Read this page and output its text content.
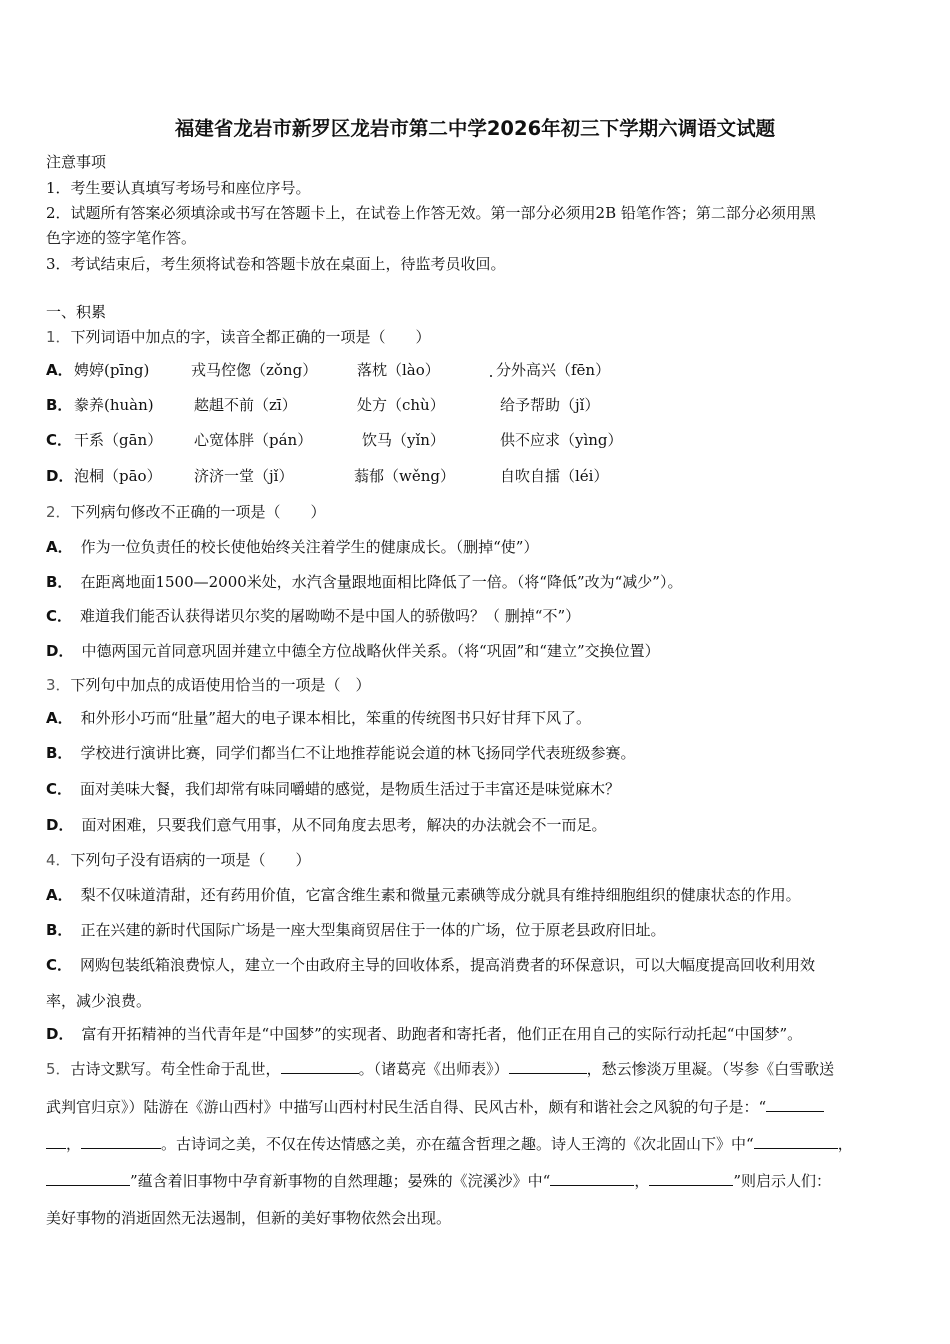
福建省龙岩市新罗区龙岩市第二中学2026年初三下学期六调语文试题
注意事项
1．考生要认真填写考场号和座位序号。
2．试题所有答案必须填涂或书写在答题卡上，在试卷上作答无效。第一部分必须用2B 铅笔作答；第二部分必须用黑
色字迹的签字笔作答。
3．考试结束后，考生须将试卷和答题卡放在桌面上，待监考员收回。
一、积累
1．下列词语中加点的字，读音全都正确的一项是（　　）
A． 娉婷(pīng)	戎马倥偬（zǒng）	落枕（lào）	分外高兴（fēn）
B． 豢养(huàn)	趑趄不前（zī）	处方（chù）	给予帮助（jǐ）
C． 干系（gān） 心宽体胖（pán）	饮马（yǐn）	供不应求（yìng）
D． 泡桐（pāo） 济济一堂（jǐ）	蓊郁（wěng）	自吹自擂（léi）
2．下列病句修改不正确的一项是（　　）
A． 作为一位负责任的校长使他始终关注着学生的健康成长。（删掉“使”）
B． 在距离地面1500—2000米处，水汽含量跟地面相比降低了一倍。（将“降低”改为“减少”）。
C． 难道我们能否认获得诺贝尔奖的屠呦呦不是中国人的骄傲吗？（ 删掉“不”）
D． 中德两国元首同意巩固并建立中德全方位战略伙伴关系。（将“巩固”和“建立”交换位置）
3．下列句中加点的成语使用恰当的一项是（　）
A． 和外形小巧而“肚量”超大的电子课本相比，笨重的传统图书只好甘拜下风了。
B． 学校进行演讲比赛，同学们都当仁不让地推荐能说会道的林飞扬同学代表班级参赛。
C． 面对美味大餐，我们却常有味同嚼蜡的感觉，是物质生活过于丰富还是味觉麻木？
D． 面对困难，只要我们意气用事，从不同角度去思考，解决的办法就会不一而足。
4．下列句子没有语病的一项是（　　）
A． 梨不仅味道清甜，还有药用价值，它富含维生素和微量元素碘等成分就具有维持细胞组织的健康状态的作用。
B． 正在兴建的新时代国际广场是一座大型集商贸居住于一体的广场，位于原老县政府旧址。
C． 网购包装纸箱浪费惊人，建立一个由政府主导的回收体系，提高消费者的环保意识，可以大幅度提高回收利用效
率，减少浪费。
D． 富有开拓精神的当代青年是“中国梦”的实现者、助跑者和寄托者，他们正在用自己的实际行动托起“中国梦”。
5．古诗文默写。苟全性命于乱世，	。（诸葛亮《出师表》）	，愁云惨淡万里凝。（岑参《白雪歌送
武判官归京》）陆游在《游山西村》中描写山西村村民生活自得、民风古朴，颇有和谐社会之风貌的句子是：“
，	。古诗词之美，不仅在传达情感之美，亦在蕴含哲理之趣。诗人王湾的《次北固山下》中“	，
”蕴含着旧事物中孕育新事物的自然理趣；晏殊的《浣溪沙》中“	，	”则启示人们：
美好事物的消逝固然无法遏制，但新的美好事物依然会出现。
